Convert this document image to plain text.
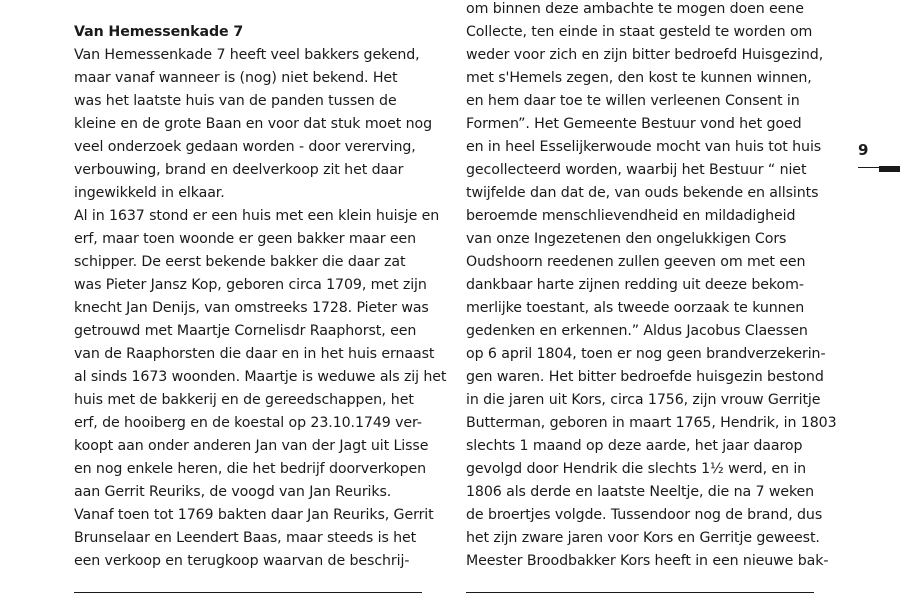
Van Hemessenkade 7
Van Hemessenkade 7 heeft veel bakkers gekend,
maar vanaf wanneer is (nog) niet bekend. Het
was het laatste huis van de panden tussen de
kleine en de grote Baan en voor dat stuk moet nog
veel onderzoek gedaan worden - door vererving,
verbouwing, brand en deelverkoop zit het daar
ingewikkeld in elkaar.
Al in 1637 stond er een huis met een klein huisje en
erf, maar toen woonde er geen bakker maar een
schipper. De eerst bekende bakker die daar zat
was Pieter Jansz Kop, geboren circa 1709, met zijn
knecht Jan Denijs, van omstreeks 1728. Pieter was
getrouwd met Maartje Cornelisdr Raaphorst, een
van de Raaphorsten die daar en in het huis ernaast
al sinds 1673 woonden. Maartje is weduwe als zij het
huis met de bakkerij en de gereedschappen, het
erf, de hooiberg en de koestal op 23.10.1749 ver-
koopt aan onder anderen Jan van der Jagt uit Lisse
en nog enkele heren, die het bedrijf doorverkopen
aan Gerrit Reuriks, de voogd van Jan Reuriks.
Vanaf toen tot 1769 bakten daar Jan Reuriks, Gerrit
Brunselaar en Leendert Baas, maar steeds is het
een verkoop en terugkoop waarvan de beschrij-
om binnen deze ambachte te mogen doen eene
Collecte, ten einde in staat gesteld te worden om
weder voor zich en zijn bitter bedroefd Huisgezind,
met s'Hemels zegen, den kost te kunnen winnen,
en hem daar toe te willen verleenen Consent in
Formen”. Het Gemeente Bestuur vond het goed
en in heel Esselijkerwoude mocht van huis tot huis
gecollecteerd worden, waarbij het Bestuur “ niet
twijfelde dan dat de, van ouds bekende en allsints
beroemde menschlievendheid en mildadigheid
van onze Ingezetenen den ongelukkigen Cors
Oudshoorn reedenen zullen geeven om met een
dankbaar harte zijnen redding uit deeze bekom-
merlijke toestant, als tweede oorzaak te kunnen
gedenken en erkennen.” Aldus Jacobus Claessen
op 6 april 1804, toen er nog geen brandverzekerin-
gen waren. Het bitter bedroefde huisgezin bestond
in die jaren uit Kors, circa 1756, zijn vrouw Gerritje
Butterman, geboren in maart 1765, Hendrik, in 1803
slechts 1 maand op deze aarde, het jaar daarop
gevolgd door Hendrik die slechts 1½ werd, en in
1806 als derde en laatste Neeltje, die na 7 weken
de broertjes volgde. Tussendoor nog de brand, dus
het zijn zware jaren voor Kors en Gerritje geweest.
Meester Broodbakker Kors heeft in een nieuwe bak-
9
